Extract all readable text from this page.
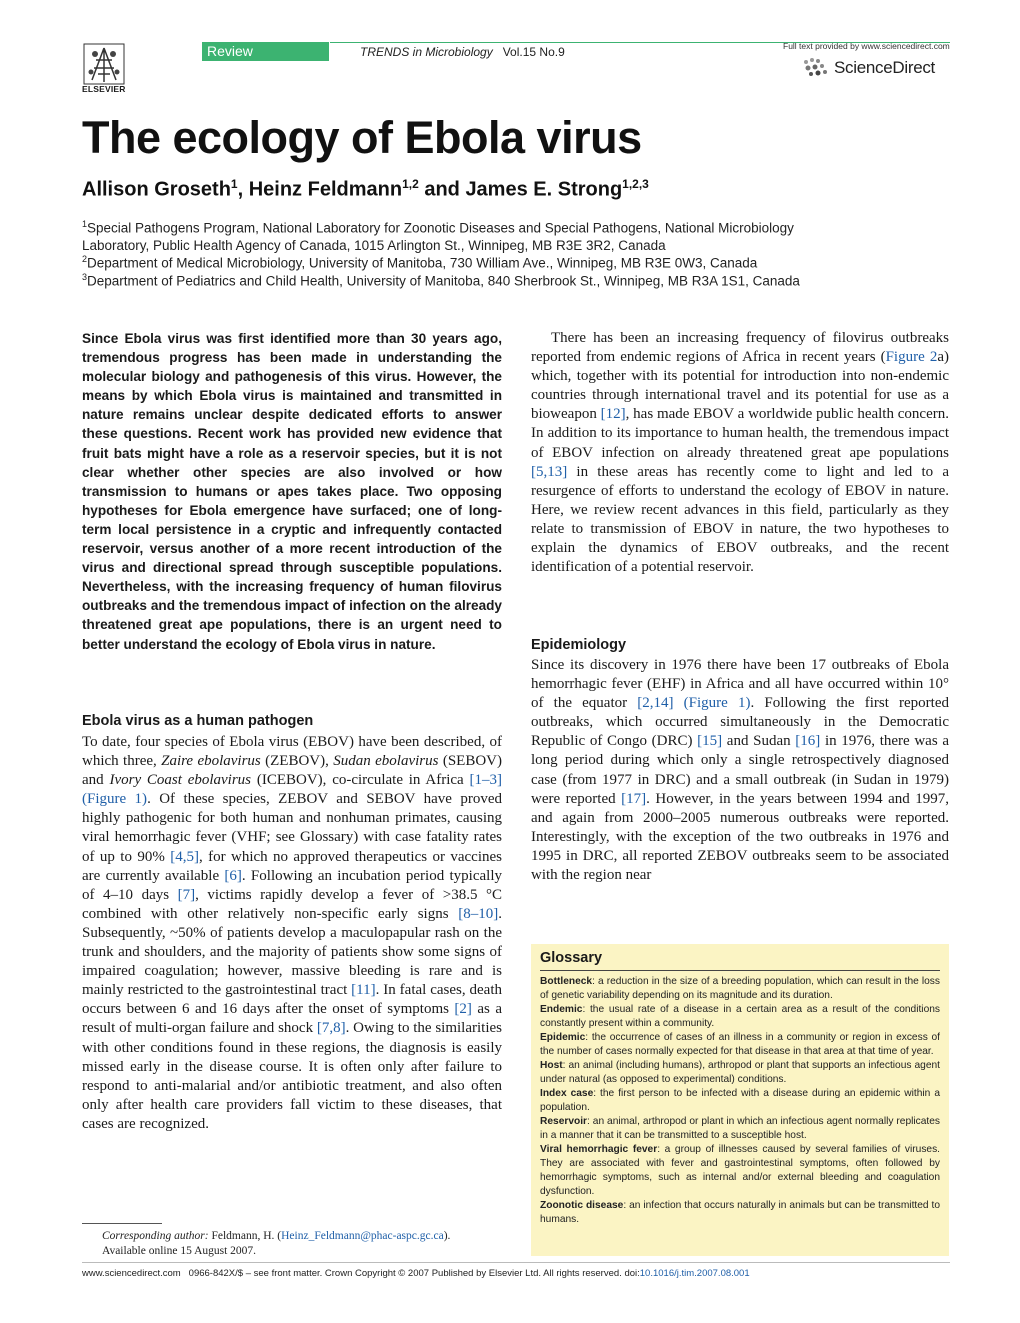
ELSEVIER
Review	TRENDS in Microbiology Vol.15 No.9	Full text provided by www.sciencedirect.com
ScienceDirect
The ecology of Ebola virus
Allison Groseth$^1$, Heinz Feldmann$^{1,2}$ and James E. Strong$^{1,2,3}$
$^1$Special Pathogens Program, National Laboratory for Zoonotic Diseases and Special Pathogens, National Microbiology
Laboratory, Public Health Agency of Canada, 1015 Arlington St., Winnipeg, MB R3E 3R2, Canada
$^2$Department of Medical Microbiology, University of Manitoba, 730 William Ave., Winnipeg, MB R3E 0W3, Canada
$^3$Department of Pediatrics and Child Health, University of Manitoba, 840 Sherbrook St., Winnipeg, MB R3A 1S1, Canada
Since Ebola virus was first identified more than 30 years ago, tremendous progress has been made in understanding the molecular biology and pathogenesis of this virus. However, the means by which Ebola virus is maintained and transmitted in nature remains unclear despite dedicated efforts to answer these questions. Recent work has provided new evidence that fruit bats might have a role as a reservoir species, but it is not clear whether other species are also involved or how transmission to humans or apes takes place. Two opposing hypotheses for Ebola emergence have surfaced; one of long-term local persistence in a cryptic and infrequently contacted reservoir, versus another of a more recent introduction of the virus and directional spread through susceptible populations. Nevertheless, with the increasing frequency of human filovirus outbreaks and the tremendous impact of infection on the already threatened great ape populations, there is an urgent need to better understand the ecology of Ebola virus in nature.
Ebola virus as a human pathogen
To date, four species of Ebola virus (EBOV) have been described, of which three, Zaire ebolavirus (ZEBOV), Sudan ebolavirus (SEBOV) and Ivory Coast ebolavirus (ICEBOV), co-circulate in Africa [1–3] (Figure 1). Of these species, ZEBOV and SEBOV have proved highly pathogenic for both human and nonhuman primates, causing viral hemorrhagic fever (VHF; see Glossary) with case fatality rates of up to 90% [4,5], for which no approved therapeutics or vaccines are currently available [6]. Following an incubation period typically of 4–10 days [7], victims rapidly develop a fever of >38.5 °C combined with other relatively non-specific early signs [8–10]. Subsequently, ~50% of patients develop a maculopapular rash on the trunk and shoulders, and the majority of patients show some signs of impaired coagulation; however, massive bleeding is rare and is mainly restricted to the gastrointestinal tract [11]. In fatal cases, death occurs between 6 and 16 days after the onset of symptoms [2] as a result of multi-organ failure and shock [7,8]. Owing to the similarities with other conditions found in these regions, the diagnosis is easily missed early in the disease course. It is often only after failure to respond to anti-malarial and/or antibiotic treatment, and also often only after health care providers fall victim to these diseases, that cases are recognized.
Corresponding author: Feldmann, H. (Heinz_Feldmann@phac-aspc.gc.ca).
Available online 15 August 2007.
There has been an increasing frequency of filovirus outbreaks reported from endemic regions of Africa in recent years (Figure 2a) which, together with its potential for introduction into non-endemic countries through international travel and its potential for use as a bioweapon [12], has made EBOV a worldwide public health concern. In addition to its importance to human health, the tremendous impact of EBOV infection on already threatened great ape populations [5,13] in these areas has recently come to light and led to a resurgence of efforts to understand the ecology of EBOV in nature. Here, we review recent advances in this field, particularly as they relate to transmission of EBOV in nature, the two hypotheses to explain the dynamics of EBOV outbreaks, and the recent identification of a potential reservoir.
Epidemiology
Since its discovery in 1976 there have been 17 outbreaks of Ebola hemorrhagic fever (EHF) in Africa and all have occurred within 10° of the equator [2,14] (Figure 1). Following the first reported outbreaks, which occurred simultaneously in the Democratic Republic of Congo (DRC) [15] and Sudan [16] in 1976, there was a long period during which only a single retrospectively diagnosed case (from 1977 in DRC) and a small outbreak (in Sudan in 1979) were reported [17]. However, in the years between 1994 and 1997, and again from 2000–2005 numerous outbreaks were reported. Interestingly, with the exception of the two outbreaks in 1976 and 1995 in DRC, all reported ZEBOV outbreaks seem to be associated with the region near
Glossary

Bottleneck: a reduction in the size of a breeding population, which can result in the loss of genetic variability depending on its magnitude and its duration.

Endemic: the usual rate of a disease in a certain area as a result of the conditions constantly present within a community.

Epidemic: the occurrence of cases of an illness in a community or region in excess of the number of cases normally expected for that disease in that area at that time of year.

Host: an animal (including humans), arthropod or plant that supports an infectious agent under natural (as opposed to experimental) conditions.

Index case: the first person to be infected with a disease during an epidemic within a population.

Reservoir: an animal, arthropod or plant in which an infectious agent normally replicates in a manner that it can be transmitted to a susceptible host.

Viral hemorrhagic fever: a group of illnesses caused by several families of viruses. They are associated with fever and gastrointestinal symptoms, often followed by hemorrhagic symptoms, such as internal and/or external bleeding and coagulation dysfunction.

Zoonotic disease: an infection that occurs naturally in animals but can be transmitted to humans.

www.sciencedirect.com 0966-842X/$ – see front matter. Crown Copyright © 2007 Published by Elsevier Ltd. All rights reserved. doi:10.1016/j.tim.2007.08.001
